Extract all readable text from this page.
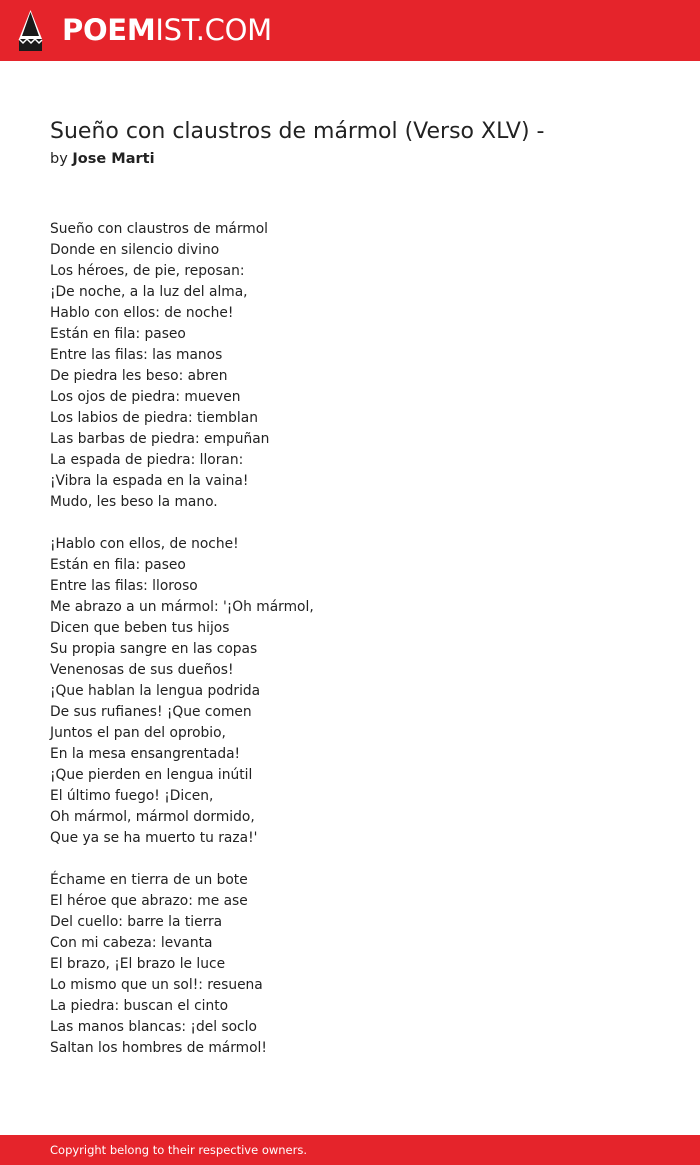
POEMIST.COM
Sueño con claustros de mármol (Verso XLV) -
by Jose Marti
Sueño con claustros de mármol
Donde en silencio divino
Los héroes, de pie, reposan:
¡De noche, a la luz del alma,
Hablo con ellos: de noche!
Están en fila: paseo
Entre las filas: las manos
De piedra les beso: abren
Los ojos de piedra: mueven
Los labios de piedra: tiemblan
Las barbas de piedra: empuñan
La espada de piedra: lloran:
¡Vibra la espada en la vaina!
Mudo, les beso la mano.
¡Hablo con ellos, de noche!
Están en fila: paseo
Entre las filas: lloroso
Me abrazo a un mármol: '¡Oh mármol,
Dicen que beben tus hijos
Su propia sangre en las copas
Venenosas de sus dueños!
¡Que hablan la lengua podrida
De sus rufianes! ¡Que comen
Juntos el pan del oprobio,
En la mesa ensangrentada!
¡Que pierden en lengua inútil
El último fuego! ¡Dicen,
Oh mármol, mármol dormido,
Que ya se ha muerto tu raza!'
Échame en tierra de un bote
El héroe que abrazo: me ase
Del cuello: barre la tierra
Con mi cabeza: levanta
El brazo, ¡El brazo le luce
Lo mismo que un sol!: resuena
La piedra: buscan el cinto
Las manos blancas: ¡del soclo
Saltan los hombres de mármol!
Copyright belong to their respective owners.
